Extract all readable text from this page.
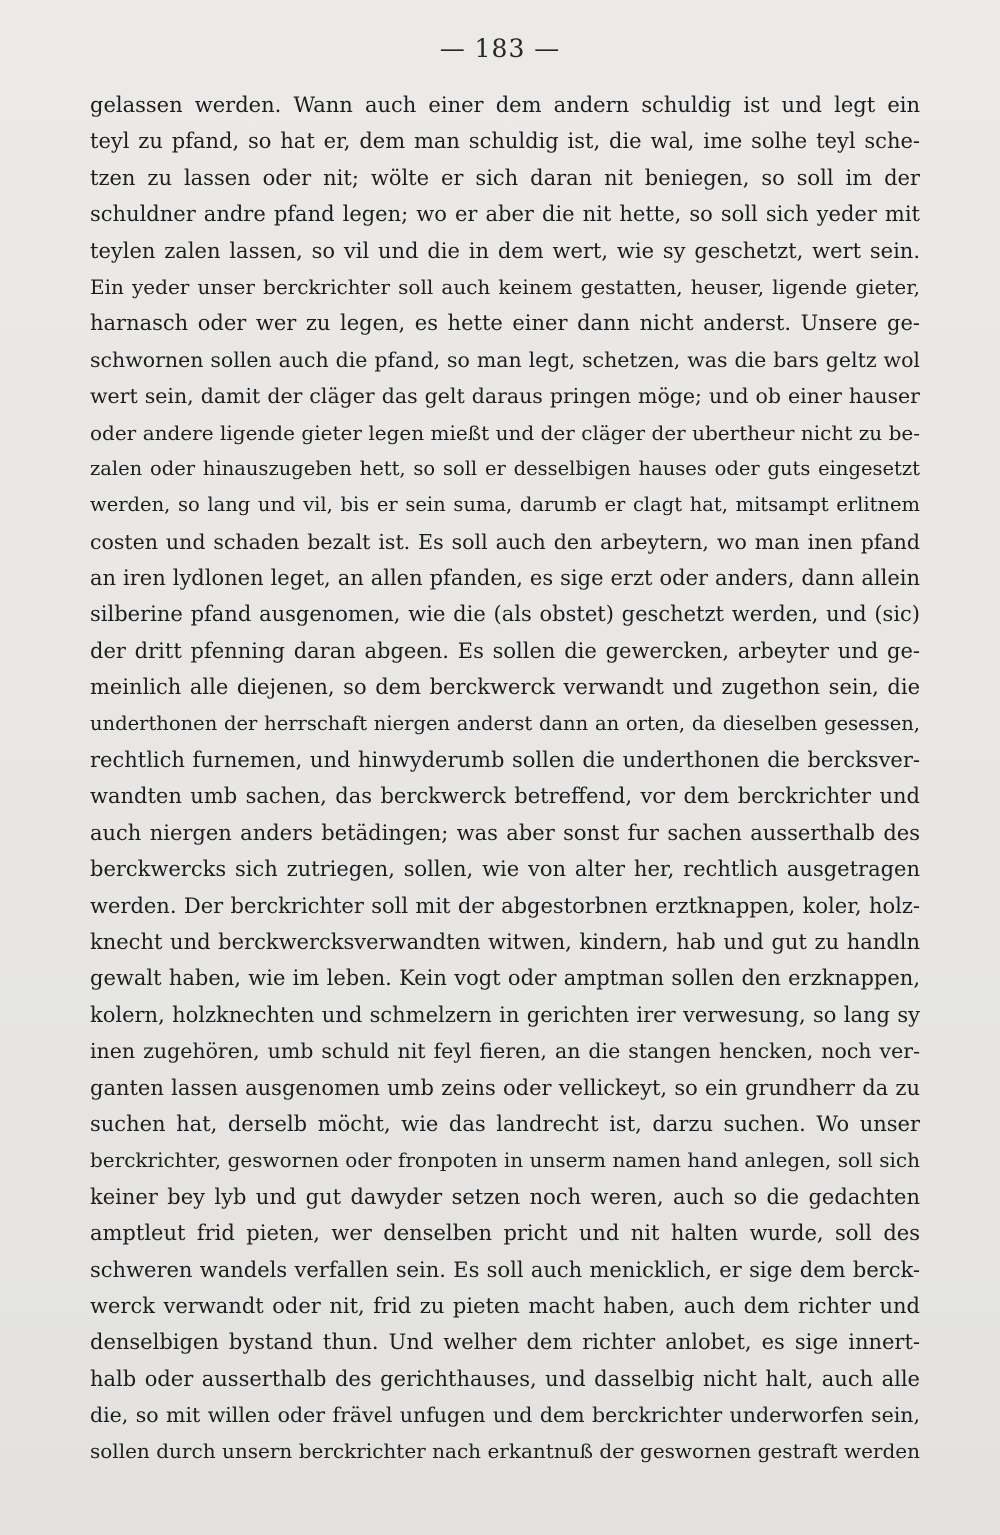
— 183 —
gelassen werden. Wann auch einer dem andern schuldig ist und legt ein
teyl zu pfand, so hat er, dem man schuldig ist, die wal, ime solhe teyl sche-
tzen zu lassen oder nit; wölte er sich daran nit beniegen, so soll im der
schuldner andre pfand legen; wo er aber die nit hette, so soll sich yeder mit
teylen zalen lassen, so vil und die in dem wert, wie sy geschetzt, wert sein.
Ein yeder unser berckrichter soll auch keinem gestatten, heuser, ligende gieter,
harnasch oder wer zu legen, es hette einer dann nicht anderst. Unsere ge-
schwornen sollen auch die pfand, so man legt, schetzen, was die bars geltz wol
wert sein, damit der cläger das gelt daraus pringen möge; und ob einer hauser
oder andere ligende gieter legen mießt und der cläger der ubertheur nicht zu be-
zalen oder hinauszugeben hett, so soll er desselbigen hauses oder guts eingesetzt
werden, so lang und vil, bis er sein suma, darumb er clagt hat, mitsampt erlitnem
costen und schaden bezalt ist. Es soll auch den arbeytern, wo man inen pfand
an iren lydlonen leget, an allen pfanden, es sige erzt oder anders, dann allein
silberine pfand ausgenomen, wie die (als obstet) geschetzt werden, und (sic)
der dritt pfenning daran abgeen. Es sollen die gewercken, arbeyter und ge-
meinlich alle diejenen, so dem berckwerck verwandt und zugethon sein, die
underthonen der herrschaft niergen anderst dann an orten, da dieselben gesessen,
rechtlich furnemen, und hinwyderumb sollen die underthonen die bercksver-
wandten umb sachen, das berckwerck betreffend, vor dem berckrichter und
auch niergen anders betädingen; was aber sonst fur sachen ausserthalb des
berckwercks sich zutriegen, sollen, wie von alter her, rechtlich ausgetragen
werden. Der berckrichter soll mit der abgestorbnen erztknappen, koler, holz-
knecht und berckwercksverwandten witwen, kindern, hab und gut zu handln
gewalt haben, wie im leben. Kein vogt oder amptman sollen den erzknappen,
kolern, holzknechten und schmelzern in gerichten irer verwesung, so lang sy
inen zugehören, umb schuld nit feyl fieren, an die stangen hencken, noch ver-
ganten lassen ausgenomen umb zeins oder vellickeyt, so ein grundherr da zu
suchen hat, derselb möcht, wie das landrecht ist, darzu suchen. Wo unser
berckrichter, geswornen oder fronpoten in unserm namen hand anlegen, soll sich
keiner bey lyb und gut dawyder setzen noch weren, auch so die gedachten
amptleut frid pieten, wer denselben pricht und nit halten wurde, soll des
schweren wandels verfallen sein. Es soll auch menicklich, er sige dem berck-
werck verwandt oder nit, frid zu pieten macht haben, auch dem richter und
denselbigen bystand thun. Und welher dem richter anlobet, es sige innert-
halb oder ausserthalb des gerichthauses, und dasselbig nicht halt, auch alle
die, so mit willen oder frävel unfugen und dem berckrichter underworfen sein,
sollen durch unsern berckrichter nach erkantnuß der geswornen gestraft werden
